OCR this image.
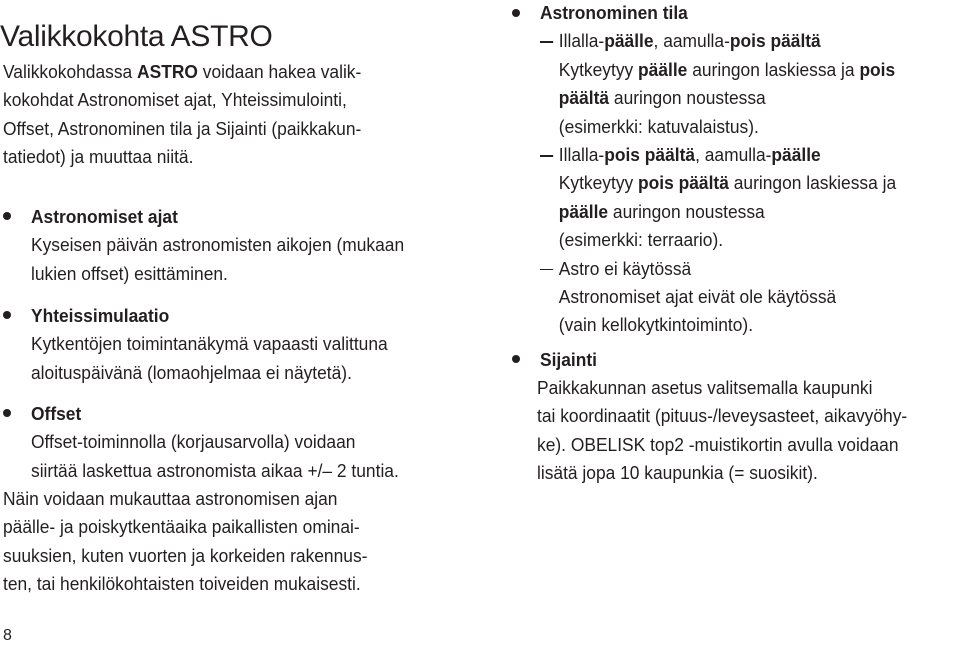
Valikkokohta ASTRO
Valikkokohdassa ASTRO voidaan hakea valik-
kokohdat Astronomiset ajat, Yhteissimulointi,
Offset, Astronominen tila ja Sijainti (paikkakun-
tatiedot) ja muuttaa niitä.
Astronomiset ajat
Kyseisen päivän astronomisten aikojen (mukaan
lukien offset) esittäminen.
Yhteissimulaatio
Kytkentöjen toimintanäkymä vapaasti valittuna
aloituspäivänä (lomaohjelmaa ei näytetä).
Offset
Offset-toiminnolla (korjausarvolla) voidaan
siirtää laskettua astronomista aikaa +/– 2 tuntia.
Näin voidaan mukauttaa astronomisen ajan
päälle- ja poiskytkentäaika paikallisten ominai-
suuksien, kuten vuorten ja korkeiden rakennus-
ten, tai henkilökohtaisten toiveiden mukaisesti.
Astronominen tila
Illalla-päälle, aamulla-pois päältä
Kytkeytyy päälle auringon laskiessa ja pois
päältä auringon noustessa
(esimerkki: katuvalaistus).
Illalla-pois päältä, aamulla-päälle
Kytkeytyy pois päältä auringon laskiessa ja
päälle auringon noustessa
(esimerkki: terraario).
Astro ei käytössä
Astronomiset ajat eivät ole käytössä
(vain kellokytkintoiminto).
Sijainti
Paikkakunnan asetus valitsemalla kaupunki
tai koordinaatit (pituus-/leveysasteet, aikavyöhy-
ke). OBELISK top2 -muistikortin avulla voidaan
lisätä jopa 10 kaupunkia (= suosikit).
8
